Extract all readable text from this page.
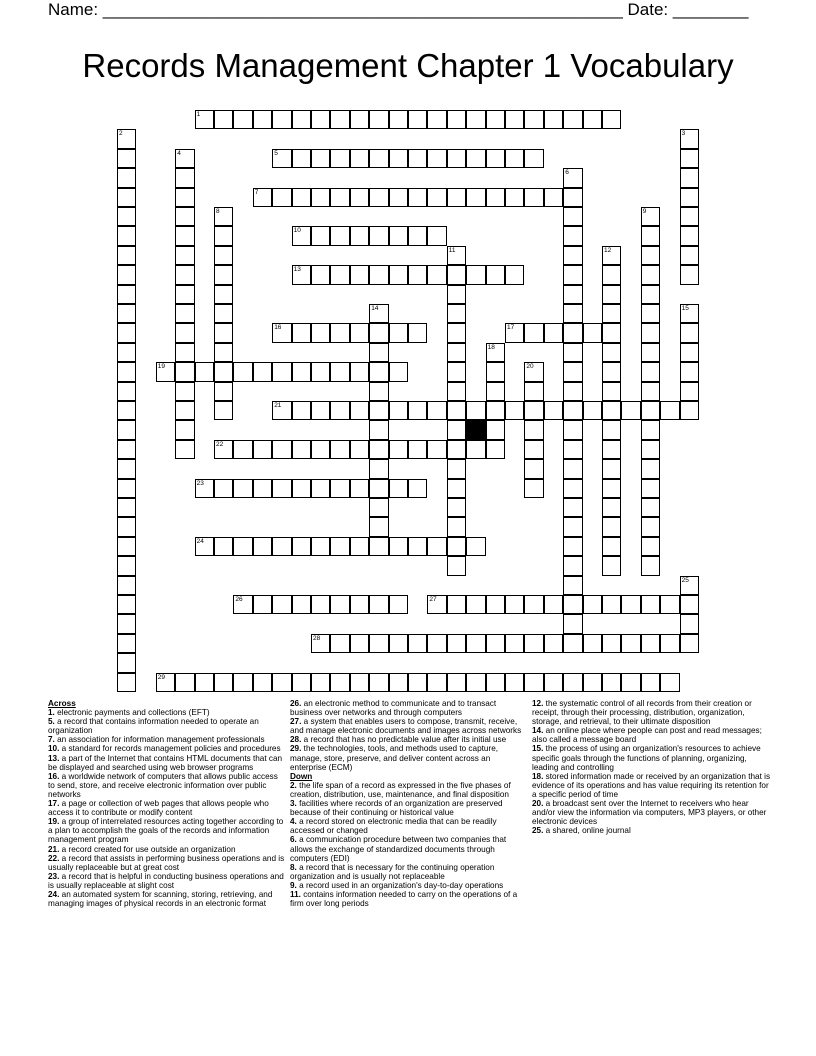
Name: _______________________________________________________ Date: ________
Records Management Chapter 1 Vocabulary
1
2	3
4	5
6
7
8	9
10
11	12
13
14	15
16	17
18
19	20
21
22
23
24
25
26	27
28
29

Across

1. electronic payments and collections (EFT)

5. a record that contains information needed to operate an organization

7. an association for information management professionals

10. a standard for records management policies and procedures

13. a part of the Internet that contains HTML documents that can be displayed and searched using web browser programs

16. a worldwide network of computers that allows public access to send, store, and receive electronic information over public networks

17. a page or collection of web pages that allows people who access it to contribute or modify content

19. a group of interrelated resources acting together according to a plan to accomplish the goals of the records and information management program

21. a record created for use outside an organization

22. a record that assists in performing business operations and is usually replaceable but at great cost

23. a record that is helpful in conducting business operations and is usually replaceable at slight cost

24. an automated system for scanning, storing, retrieving, and managing images of physical records in an electronic format

26. an electronic method to communicate and to transact business over networks and through computers

27. a system that enables users to compose, transmit, receive, and manage electronic documents and images across networks

28. a record that has no predictable value after its initial use

29. the technologies, tools, and methods used to capture, manage, store, preserve, and deliver content across an enterprise (ECM)

Down

2. the life span of a record as expressed in the five phases of creation, distribution, use, maintenance, and final disposition

3. facilities where records of an organization are preserved because of their continuing or historical value

4. a record stored on electronic media that can be readily accessed or changed

6. a communication procedure between two companies that allows the exchange of standardized documents through computers (EDI)

8. a record that is necessary for the continuing operation organization and is usually not replaceable

9. a record used in an organization's day-to-day operations

11. contains information needed to carry on the operations of a firm over long periods

12. the systematic control of all records from their creation or receipt, through their processing, distribution, organization, storage, and retrieval, to their ultimate disposition

14. an online place where people can post and read messages; also called a message board

15. the process of using an organization's resources to achieve specific goals through the functions of planning, organizing, leading and controlling

18. stored information made or received by an organization that is evidence of its operations and has value requiring its retention for a specific period of time

20. a broadcast sent over the Internet to receivers who hear and/or view the information via computers, MP3 players, or other electronic devices

25. a shared, online journal
